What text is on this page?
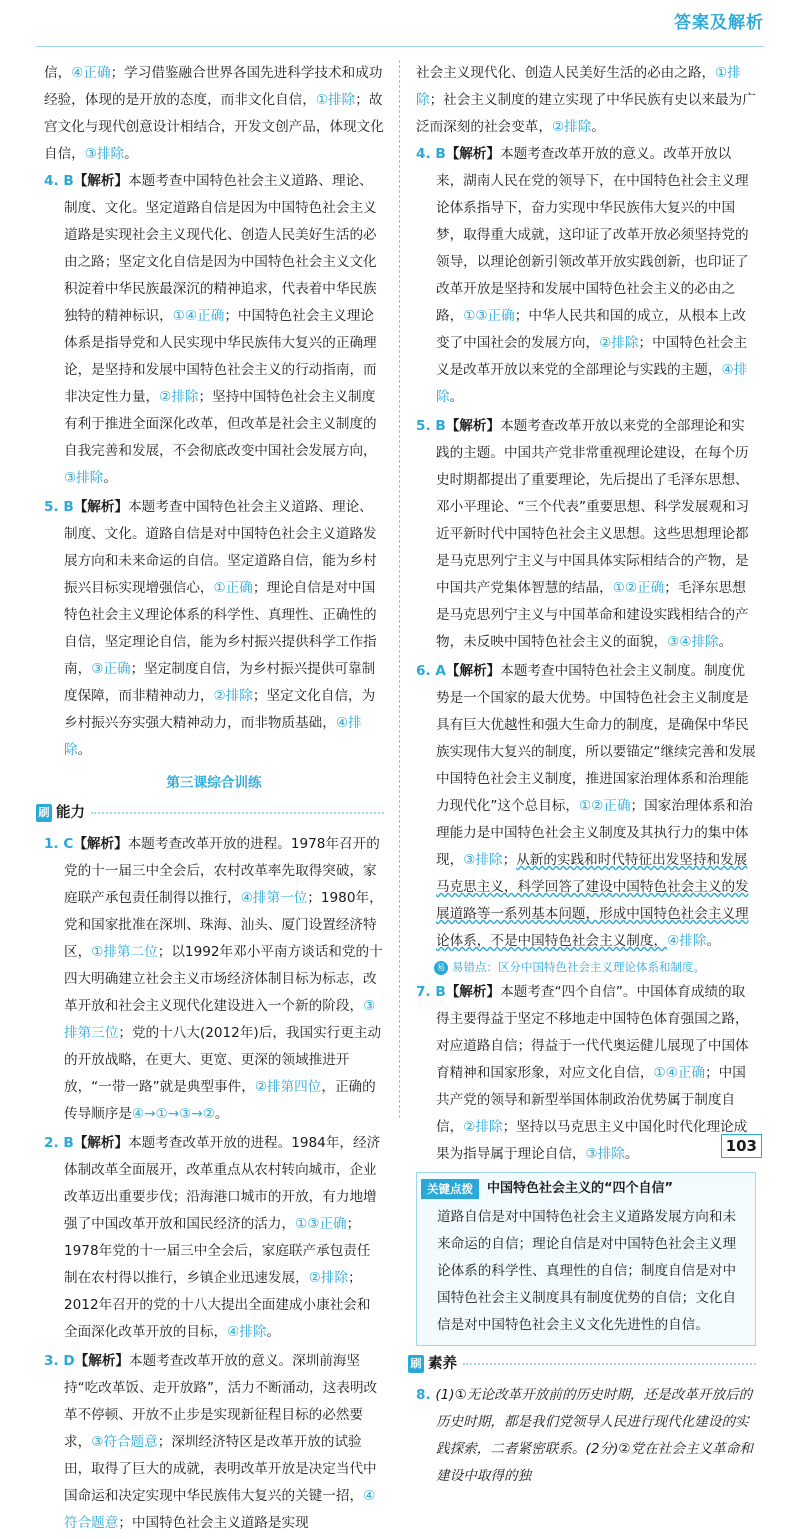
答案及解析

信，④正确；学习借鉴融合世界各国先进科学技术和成功经验，体现的是开放的态度，而非文化自信，①排除；故宫文化与现代创意设计相结合，开发文创产品，体现文化自信，③排除。

4. B【解析】本题考查中国特色社会主义道路、理论、制度、文化。坚定道路自信是因为中国特色社会主义道路是实现社会主义现代化、创造人民美好生活的必由之路；坚定文化自信是因为中国特色社会主义文化积淀着中华民族最深沉的精神追求，代表着中华民族独特的精神标识，①④正确；中国特色社会主义理论体系是指导党和人民实现中华民族伟大复兴的正确理论，是坚持和发展中国特色社会主义的行动指南，而非决定性力量，②排除；坚持中国特色社会主义制度有利于推进全面深化改革，但改革是社会主义制度的自我完善和发展，不会彻底改变中国社会发展方向，③排除。

5. B【解析】本题考查中国特色社会主义道路、理论、制度、文化。道路自信是对中国特色社会主义道路发展方向和未来命运的自信。坚定道路自信，能为乡村振兴目标实现增强信心，①正确；理论自信是对中国特色社会主义理论体系的科学性、真理性、正确性的自信，坚定理论自信，能为乡村振兴提供科学工作指南，③正确；坚定制度自信，为乡村振兴提供可靠制度保障，而非精神动力，②排除；坚定文化自信，为乡村振兴夯实强大精神动力，而非物质基础，④排除。

第三课综合训练
刷 能力

1. C【解析】本题考查改革开放的进程。1978年召开的党的十一届三中全会后，农村改革率先取得突破，家庭联产承包责任制得以推行，④排第一位；1980年，党和国家批准在深圳、珠海、汕头、厦门设置经济特区，①排第二位；以1992年邓小平南方谈话和党的十四大明确建立社会主义市场经济体制目标为标志，改革开放和社会主义现代化建设进入一个新的阶段，③排第三位；党的十八大(2012年)后，我国实行更主动的开放战略，在更大、更宽、更深的领域推进开放，“一带一路”就是典型事件，②排第四位，正确的传导顺序是④→①→③→②。

2. B【解析】本题考查改革开放的进程。1984年，经济体制改革全面展开，改革重点从农村转向城市，企业改革迈出重要步伐；沿海港口城市的开放，有力地增强了中国改革开放和国民经济的活力，①③正确；1978年党的十一届三中全会后，家庭联产承包责任制在农村得以推行，乡镇企业迅速发展，②排除；2012年召开的党的十八大提出全面建成小康社会和全面深化改革开放的目标，④排除。

3. D【解析】本题考查改革开放的意义。深圳前海坚持“吃改革饭、走开放路”，活力不断涌动，这表明改革不停顿、开放不止步是实现新征程目标的必然要求，③符合题意；深圳经济特区是改革开放的试验田，取得了巨大的成就，表明改革开放是决定当代中国命运和决定实现中华民族伟大复兴的关键一招，④符合题意；中国特色社会主义道路是实现

社会主义现代化、创造人民美好生活的必由之路，①排除；社会主义制度的建立实现了中华民族有史以来最为广泛而深刻的社会变革，②排除。

4. B【解析】本题考查改革开放的意义。改革开放以来，湖南人民在党的领导下，在中国特色社会主义理论体系指导下，奋力实现中华民族伟大复兴的中国梦，取得重大成就，这印证了改革开放必须坚持党的领导，以理论创新引领改革开放实践创新，也印证了改革开放是坚持和发展中国特色社会主义的必由之路，①③正确；中华人民共和国的成立，从根本上改变了中国社会的发展方向，②排除；中国特色社会主义是改革开放以来党的全部理论与实践的主题，④排除。

5. B【解析】本题考查改革开放以来党的全部理论和实践的主题。中国共产党非常重视理论建设，在每个历史时期都提出了重要理论，先后提出了毛泽东思想、邓小平理论、“三个代表”重要思想、科学发展观和习近平新时代中国特色社会主义思想。这些思想理论都是马克思列宁主义与中国具体实际相结合的产物，是中国共产党集体智慧的结晶，①②正确；毛泽东思想是马克思列宁主义与中国革命和建设实践相结合的产物，未反映中国特色社会主义的面貌，③④排除。

6. A【解析】本题考查中国特色社会主义制度。制度优势是一个国家的最大优势。中国特色社会主义制度是具有巨大优越性和强大生命力的制度，是确保中华民族实现伟大复兴的制度，所以要锚定“继续完善和发展中国特色社会主义制度，推进国家治理体系和治理能力现代化”这个总目标，①②正确；国家治理体系和治理能力是中国特色社会主义制度及其执行力的集中体现，③排除；从新的实践和时代特征出发坚持和发展马克思主义，科学回答了建设中国特色社会主义的发展道路等一系列基本问题，形成中国特色社会主义理论体系，不是中国特色社会主义制度，④排除。

易 易错点：区分中国特色社会主义理论体系和制度。

7. B【解析】本题考查“四个自信”。中国体育成绩的取得主要得益于坚定不移地走中国特色体育强国之路，对应道路自信；得益于一代代奥运健儿展现了中国体育精神和国家形象，对应文化自信，①④正确；中国共产党的领导和新型举国体制政治优势属于制度自信，②排除；坚持以马克思主义中国化时代化理论成果为指导属于理论自信，③排除。

关键点拨	中国特色社会主义的“四个自信”
道路自信是对中国特色社会主义道路发展方向和未来命运的自信；理论自信是对中国特色社会主义理论体系的科学性、真理性的自信；制度自信是对中国特色社会主义制度具有制度优势的自信；文化自信是对中国特色社会主义文化先进性的自信。
刷 素养

8. (1)①无论改革开放前的历史时期，还是改革开放后的历史时期，都是我们党领导人民进行现代化建设的实践探索，二者紧密联系。(2分)②党在社会主义革命和建设中取得的独

103
